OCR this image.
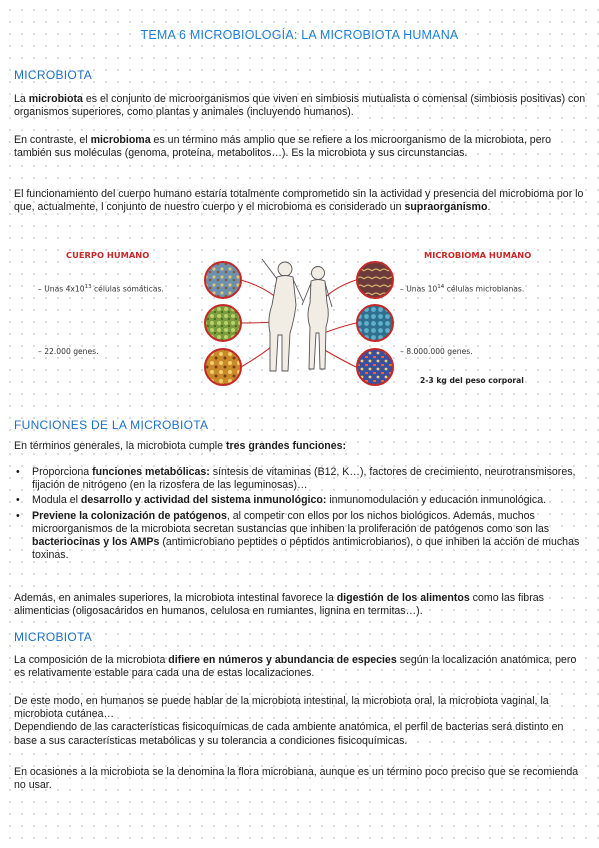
TEMA 6 MICROBIOLOGÍA: LA MICROBIOTA HUMANA
MICROBIOTA
La microbiota es el conjunto de microorganismos que viven en simbiosis mutualista o comensal (simbiosis positivas) con organismos superiores, como plantas y animales (incluyendo humanos).
En contraste, el microbioma es un término más amplio que se refiere a los microorganismo de la microbiota, pero también sus moléculas (genoma, proteína, metabolitos…). Es la microbiota y sus circunstancias.
El funcionamiento del cuerpo humano estaría totalmente comprometido sin la actividad y presencia del microbioma por lo que, actualmente, l conjunto de nuestro cuerpo y el microbioma es considerado un supraorganismo.
CUERPO HUMANO	MICROBIOMA HUMANO
– Unas $4x10^{13}$ células somáticas.
– 22.000 genes.
– Unas $10^{14}$ células microbianas.
– 8.000.000 genes.
2-3 kg del peso corporal
FUNCIONES DE LA MICROBIOTA
En términos generales, la microbiota cumple tres grandes funciones:
• Proporciona funciones metabólicas: síntesis de vitaminas (B12, K…), factores de crecimiento, neurotransmisores, fijación de nitrógeno (en la rizosfera de las leguminosas)…
• Modula el desarrollo y actividad del sistema inmunológico: inmunomodulación y educación inmunológica.
• Previene la colonización de patógenos, al competir con ellos por los nichos biológicos. Además, muchos microorganismos de la microbiota secretan sustancias que inhiben la proliferación de patógenos como son las bacteriocinas y los AMPs (antimicrobiano peptides o péptidos antimicrobianos), o que inhiben la acción de muchas toxinas.
Además, en animales superiores, la microbiota intestinal favorece la digestión de los alimentos como las fibras alimenticias (oligosacáridos en humanos, celulosa en rumiantes, lignina en termitas…).
MICROBIOTA
La composición de la microbiota difiere en números y abundancia de especies según la localización anatómica, pero es relativamente estable para cada una de estas localizaciones.
De este modo, en humanos se puede hablar de la microbiota intestinal, la microbiota oral, la microbiota vaginal, la microbiota cutánea…
Dependiendo de las características fisicoquímicas de cada ambiente anatómica, el perfil de bacterias será distinto en base a sus características metabólicas y su tolerancia a condiciones fisicoquímicas.
En ocasiones a la microbiota se la denomina la flora microbiana, aunque es un término poco preciso que se recomienda no usar.
